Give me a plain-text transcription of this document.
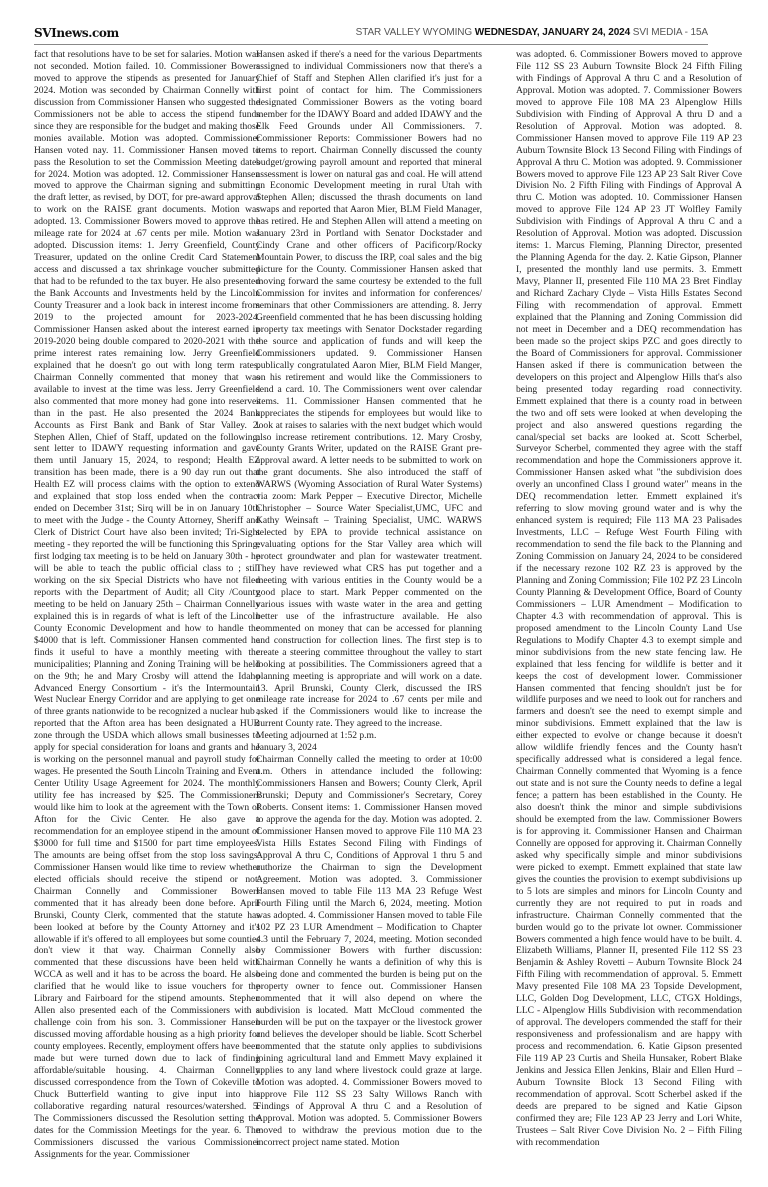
SVInews.com	STAR VALLEY WYOMING WEDNESDAY, JANUARY 24, 2024 SVI MEDIA - 15A

fact that resolutions have to be set for salaries. Motion was not seconded. Motion failed. 10. Commissioner Bowers moved to approve the stipends as presented for January 2024. Motion was seconded by Chairman Connelly with discussion from Commissioner Hansen who suggested the Commissioners not be able to access the stipend funds since they are responsible for the budget and making those monies available. Motion was adopted. Commissioner Hansen voted nay. 11. Commissioner Hansen moved to pass the Resolution to set the Commission Meeting dates for 2024. Motion was adopted. 12. Commissioner Hansen moved to approve the Chairman signing and submitting the draft letter, as revised, by DOT, for pre-award approval to work on the RAISE grant documents. Motion was adopted. 13. Commissioner Bowers moved to approve the mileage rate for 2024 at .67 cents per mile. Motion was adopted. Discussion items: 1. Jerry Greenfield, County Treasurer, updated on the online Credit Card Statement access and discussed a tax shrinkage voucher submitted that had to be refunded to the tax buyer. He also presented the Bank Accounts and Investments held by the Lincoln County Treasurer and a look back in interest income from 2019 to the projected amount for 2023-2024. Commissioner Hansen asked about the interest earned in 2019-2020 being double compared to 2020-2021 with the prime interest rates remaining low. Jerry Greenfield explained that he doesn't go out with long term rates. Chairman Connelly commented that money that was available to invest at the time was less. Jerry Greenfield also commented that more money had gone into reserves than in the past. He also presented the 2024 Bank Accounts as First Bank and Bank of Star Valley. 2. Stephen Allen, Chief of Staff, updated on the following: sent letter to IDAWY requesting information and gave them until January 15, 2024, to respond; Health EZ transition has been made, there is a 90 day run out that Health EZ will process claims with the option to extend and explained that stop loss ended when the contract ended on December 31st; Sirq will be in on January 10th to meet with the Judge - the County Attorney, Sheriff and Clerk of District Court have also been invited; Tri-Sight meeting - they reported the will be functioning this Spring; first lodging tax meeting is to be held on January 30th - he will be able to teach the public official class to ; still working on the six Special Districts who have not filed reports with the Department of Audit; all City /County meeting to be held on January 25th – Chairman Connelly explained this is in regards of what is left of the Lincoln County Economic Development and how to handle the $4000 that is left. Commissioner Hansen commented he finds it useful to have a monthly meeting with the municipalities; Planning and Zoning Training will be held on the 9th; he and Mary Crosby will attend the Idaho Advanced Energy Consortium - it's the Intermountain West Nuclear Energy Corridor and are applying to get one of three grants nationwide to be recognized a nuclear hub ; reported that the Afton area has been designated a HUB zone through the USDA which allows small businesses to apply for special consideration for loans and grants and he is working on the personnel manual and payroll study for wages. He presented the South Lincoln Training and Event Center Utility Usage Agreement for 2024. The monthly utility fee has increased by $25. The Commissioners would like him to look at the agreement with the Town of Afton for the Civic Center. He also gave a recommendation for an employee stipend in the amount of $3000 for full time and $1500 for part time employees. The amounts are being offset from the stop loss savings. Commissioner Hansen would like time to review whether elected officials should receive the stipend or not. Chairman Connelly and Commissioner Bowers commented that it has already been done before. April Brunski, County Clerk, commented that the statute has been looked at before by the County Attorney and it's allowable if it's offered to all employees but some counties don't view it that way. Chairman Connelly also commented that these discussions have been held with WCCA as well and it has to be across the board. He also clarified that he would like to issue vouchers for the Library and Fairboard for the stipend amounts. Stephen Allen also presented each of the Commissioners with a challenge coin from his son. 3. Commissioner Hansen discussed moving affordable housing as a high priority for county employees. Recently, employment offers have been made but were turned down due to lack of finding affordable/suitable housing. 4. Chairman Connelly discussed correspondence from the Town of Cokeville to Chuck Butterfield wanting to give input into his collaborative regarding natural resources/watershed. 5. The Commissioners discussed the Resolution setting the dates for the Commission Meetings for the year. 6. The Commissioners discussed the various Commissioner Assignments for the year. Commissioner

Hansen asked if there's a need for the various Departments assigned to individual Commissioners now that there's a Chief of Staff and Stephen Allen clarified it's just for a first point of contact for him. The Commissioners designated Commissioner Bowers as the voting board member for the IDAWY Board and added IDAWY and the Elk Feed Grounds under All Commissioners. 7. Commissioner Reports: Commissioner Bowers had no items to report. Chairman Connelly discussed the county budget/growing payroll amount and reported that mineral assessment is lower on natural gas and coal. He will attend an Economic Development meeting in rural Utah with Stephen Allen; discussed the thrash documents on land swaps and reported that Aaron Mier, BLM Field Manager, has retired. He and Stephen Allen will attend a meeting on January 23rd in Portland with Senator Dockstader and Cindy Crane and other officers of Pacificorp/Rocky Mountain Power, to discuss the IRP, coal sales and the big picture for the County. Commissioner Hansen asked that moving forward the same courtesy be extended to the full Commission for invites and information for conferences/ seminars that other Commissioners are attending. 8. Jerry Greenfield commented that he has been discussing holding property tax meetings with Senator Dockstader regarding the source and application of funds and will keep the Commissioners updated. 9. Commissioner Hansen publically congratulated Aaron Mier, BLM Field Manger, on his retirement and would like the Commissioners to send a card. 10. The Commissioners went over calendar items. 11. Commissioner Hansen commented that he appreciates the stipends for employees but would like to look at raises to salaries with the next budget which would also increase retirement contributions. 12. Mary Crosby, County Grants Writer, updated on the RAISE Grant pre-approval award. A letter needs to be submitted to work on the grant documents. She also introduced the staff of WARWS (Wyoming Association of Rural Water Systems) via zoom: Mark Pepper – Executive Director, Michelle Christopher – Source Water Specialist,UMC, UFC and Kathy Weinsaft – Training Specialist, UMC. WARWS selected by EPA to provide technical assistance on evaluating options for the Star Valley area which will protect groundwater and plan for wastewater treatment. They have reviewed what CRS has put together and a meeting with various entities in the County would be a good place to start. Mark Pepper commented on the various issues with waste water in the area and getting better use of the infrastructure available. He also commented on money that can be accessed for planning and construction for collection lines. The first step is to create a steering committee throughout the valley to start looking at possibilities. The Commissioners agreed that a planning meeting is appropriate and will work on a date. 13. April Brunski, County Clerk, discussed the IRS mileage rate increase for 2024 to .67 cents per mile and asked if the Commissioners would like to increase the current County rate. They agreed to the increase.

Meeting adjourned at 1:52 p.m.

January 3, 2024

Chairman Connelly called the meeting to order at 10:00 a.m. Others in attendance included the following: Commissioners Hansen and Bowers; County Clerk, April Brunski; Deputy and Commissioner's Secretary, Corey Roberts. Consent items: 1. Commissioner Hansen moved to approve the agenda for the day. Motion was adopted. 2. Commissioner Hansen moved to approve File 110 MA 23 Vista Hills Estates Second Filing with Findings of Approval A thru C, Conditions of Approval 1 thru 5 and authorize the Chairman to sign the Development Agreement. Motion was adopted. 3. Commissioner Hansen moved to table File 113 MA 23 Refuge West Fourth Filing until the March 6, 2024, meeting. Motion was adopted. 4. Commissioner Hansen moved to table File 102 PZ 23 LUR Amendment – Modification to Chapter 4.3 until the February 7, 2024, meeting. Motion seconded by Commissioner Bowers with further discussion: Chairman Connelly he wants a definition of why this is being done and commented the burden is being put on the property owner to fence out. Commissioner Hansen commented that it will also depend on where the subdivision is located. Matt McCloud commented the burden will be put on the taxpayer or the livestock grower and believes the developer should be liable. Scott Scherbel commented that the statute only applies to subdivisions joining agricultural land and Emmett Mavy explained it applies to any land where livestock could graze at large. Motion was adopted. 4. Commissioner Bowers moved to approve File 112 SS 23 Salty Willows Ranch with Findings of Approval A thru C and a Resolution of Approval. Motion was adopted. 5. Commissioner Bowers moved to withdraw the previous motion due to the incorrect project name stated. Motion

was adopted. 6. Commissioner Bowers moved to approve File 112 SS 23 Auburn Townsite Block 24 Fifth Filing with Findings of Approval A thru C and a Resolution of Approval. Motion was adopted. 7. Commissioner Bowers moved to approve File 108 MA 23 Alpenglow Hills Subdivision with Finding of Approval A thru D and a Resolution of Approval. Motion was adopted. 8. Commissioner Hansen moved to approve File 119 AP 23 Auburn Townsite Block 13 Second Filing with Findings of Approval A thru C. Motion was adopted. 9. Commissioner Bowers moved to approve File 123 AP 23 Salt River Cove Division No. 2 Fifth Filing with Findings of Approval A thru C. Motion was adopted. 10. Commissioner Hansen moved to approve File 124 AP 23 JT Wolfley Family Subdivision with Findings of Approval A thru C and a Resolution of Approval. Motion was adopted. Discussion items: 1. Marcus Fleming, Planning Director, presented the Planning Agenda for the day. 2. Katie Gipson, Planner I, presented the monthly land use permits. 3. Emmett Mavy, Planner II, presented File 110 MA 23 Bret Findlay and Richard Zachary Clyde – Vista Hills Estates Second Filing with recommendation of approval. Emmett explained that the Planning and Zoning Commission did not meet in December and a DEQ recommendation has been made so the project skips PZC and goes directly to the Board of Commissioners for approval. Commissioner Hansen asked if there is communication between the developers on this project and Alpenglow Hills that's also being presented today regarding road connectivity. Emmett explained that there is a county road in between the two and off sets were looked at when developing the project and also answered questions regarding the canal/special set backs are looked at. Scott Scherbel, Surveyor Scherbel, commented they agree with the staff recommendation and hope the Commissioners approve it. Commissioner Hansen asked what "the subdivision does overly an unconfined Class I ground water" means in the DEQ recommendation letter. Emmett explained it's referring to slow moving ground water and is why the enhanced system is required; File 113 MA 23 Palisades Investments, LLC – Refuge West Fourth Filing with recommendation to send the file back to the Planning and Zoning Commission on January 24, 2024 to be considered if the necessary rezone 102 RZ 23 is approved by the Planning and Zoning Commission; File 102 PZ 23 Lincoln County Planning & Development Office, Board of County Commissioners – LUR Amendment – Modification to Chapter 4.3 with recommendation of approval. This is proposed amendment to the Lincoln County Land Use Regulations to Modify Chapter 4.3 to exempt simple and minor subdivisions from the new state fencing law. He explained that less fencing for wildlife is better and it keeps the cost of development lower. Commissioner Hansen commented that fencing shouldn't just be for wildlife purposes and we need to look out for ranchers and farmers and doesn't see the need to exempt simple and minor subdivisions. Emmett explained that the law is either expected to evolve or change because it doesn't allow wildlife friendly fences and the County hasn't specifically addressed what is considered a legal fence. Chairman Connelly commented that Wyoming is a fence out state and is not sure the County needs to define a legal fence; a pattern has been established in the County. He also doesn't think the minor and simple subdivisions should be exempted from the law. Commissioner Bowers is for approving it. Commissioner Hansen and Chairman Connelly are opposed for approving it. Chairman Connelly asked why specifically simple and minor subdivisions were picked to exempt. Emmett explained that state law gives the counties the provision to exempt subdivisions up to 5 lots are simples and minors for Lincoln County and currently they are not required to put in roads and infrastructure. Chairman Connelly commented that the burden would go to the private lot owner. Commissioner Bowers commented a high fence would have to be built. 4. Elizabeth Williams, Planner II, presented File 112 SS 23 Benjamin & Ashley Rovetti – Auburn Townsite Block 24 Fifth Filing with recommendation of approval. 5. Emmett Mavy presented File 108 MA 23 Topside Development, LLC, Golden Dog Development, LLC, CTGX Holdings, LLC - Alpenglow Hills Subdivision with recommendation of approval. The developers commended the staff for their responsiveness and professionalism and are happy with process and recommendation. 6. Katie Gipson presented File 119 AP 23 Curtis and Sheila Hunsaker, Robert Blake Jenkins and Jessica Ellen Jenkins, Blair and Ellen Hurd – Auburn Townsite Block 13 Second Filing with recommendation of approval. Scott Scherbel asked if the deeds are prepared to be signed and Katie Gipson confirmed they are; File 123 AP 23 Jerry and Lori White, Trustees – Salt River Cove Division No. 2 – Fifth Filing with recommendation
